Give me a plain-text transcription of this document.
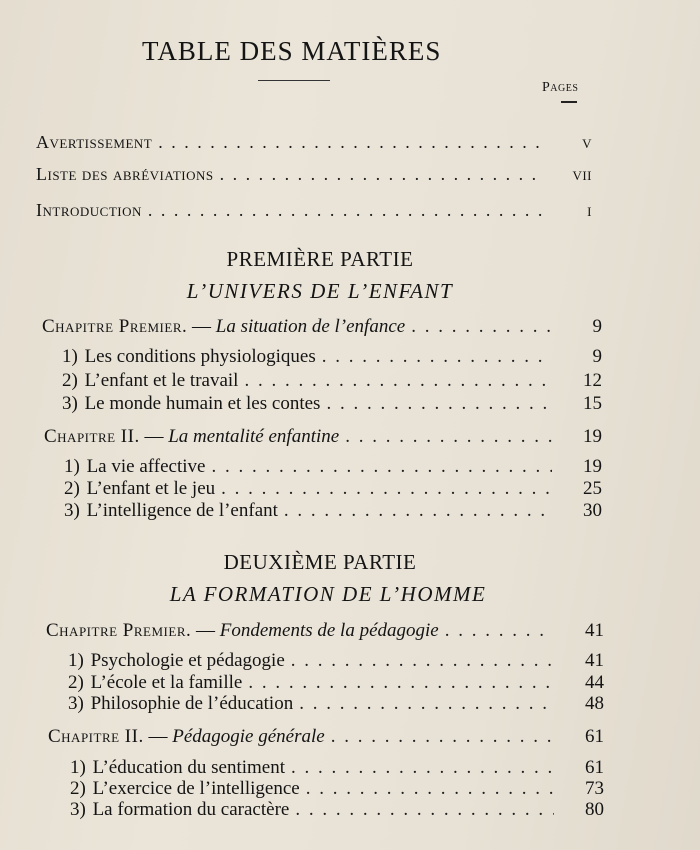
TABLE DES MATIÈRES
Pages
Avertissement . . .	v
Liste des abréviations . . .	vii
Introduction . . .	i
PREMIÈRE PARTIE
L’UNIVERS DE L’ENFANT
Chapitre Premier. — La situation de l’enfance . . .	9
1) Les conditions physiologiques . . .	9
2) L’enfant et le travail . . .	12
3) Le monde humain et les contes . . .	15
Chapitre II. — La mentalité enfantine . . .	19
1) La vie affective . . .	19
2) L’enfant et le jeu . . .	25
3) L’intelligence de l’enfant . . .	30
DEUXIÈME PARTIE
LA FORMATION DE L’HOMME
Chapitre Premier. — Fondements de la pédagogie . . .	41
1) Psychologie et pédagogie . . .	41
2) L’école et la famille . . .	44
3) Philosophie de l’éducation . . .	48
Chapitre II. — Pédagogie générale . . .	61
1) L’éducation du sentiment . . .	61
2) L’exercice de l’intelligence . . .	73
3) La formation du caractère . . .	80
